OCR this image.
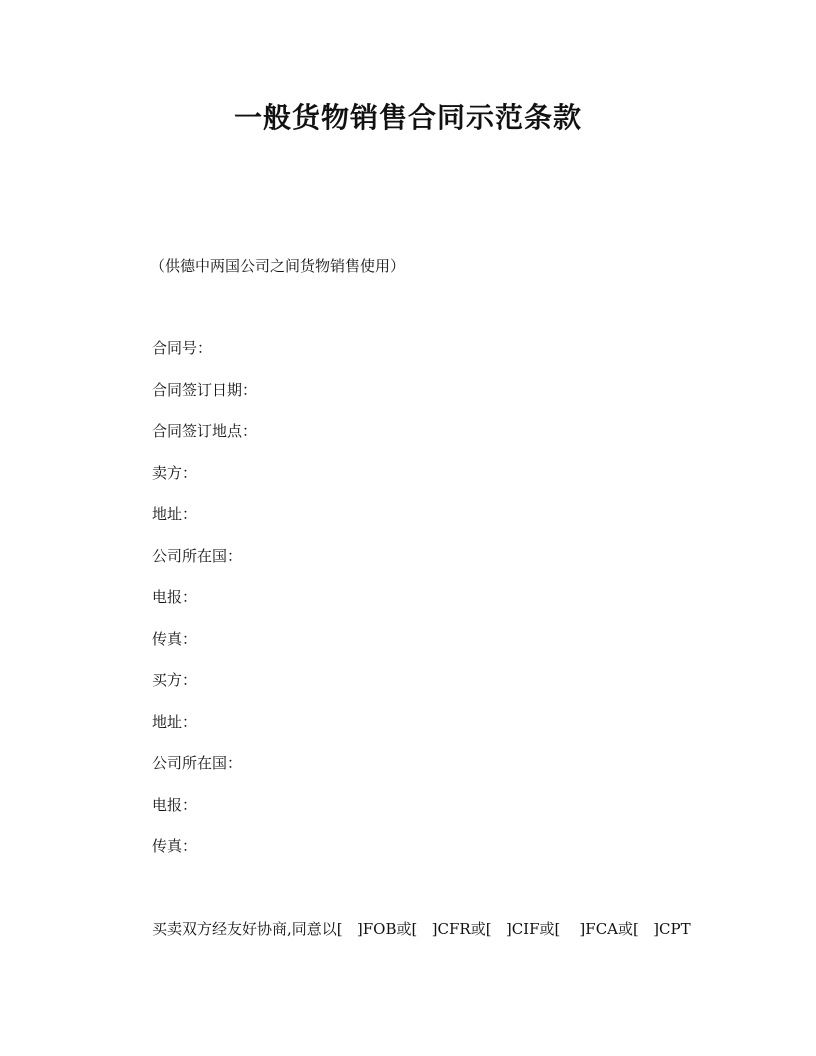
一般货物销售合同示范条款
（供德中两国公司之间货物销售使用）
合同号：
合同签订日期：
合同签订地点：
卖方：
地址：
公司所在国：
电报：
传真：
买方：
地址：
公司所在国：
电报：
传真：
买卖双方经友好协商,同意以[   ]FOB或[   ]CFR或[   ]CIF或[    ]FCA或[   ]CPT
